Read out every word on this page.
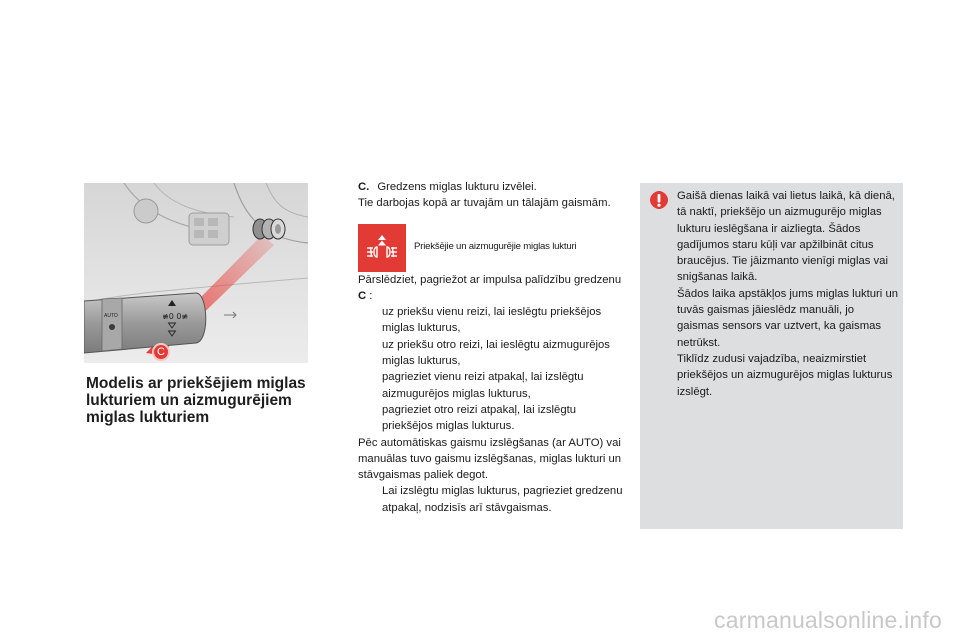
AUTO	≢0 0≢
C
Modelis ar priekšējiem miglas lukturiem un aizmugurējiem miglas lukturiem

C. Gredzens miglas lukturu izvēlei.

Tie darbojas kopā ar tuvajām un tālajām gaismām.

Priekšējie un aizmugurējie miglas lukturi

Pārslēdziet, pagriežot ar impulsa palīdzību gredzenu C :

uz priekšu vienu reizi, lai ieslēgtu priekšējos miglas lukturus,
uz priekšu otro reizi, lai ieslēgtu aizmugurējos miglas lukturus,
pagrieziet vienu reizi atpakaļ, lai izslēgtu aizmugurējos miglas lukturus,
pagrieziet otro reizi atpakaļ, lai izslēgtu priekšējos miglas lukturus.

Pēc automātiskas gaismu izslēgšanas (ar AUTO) vai manuālas tuvo gaismu izslēgšanas, miglas lukturi un stāvgaismas paliek degot.

Lai izslēgtu miglas lukturus, pagrieziet gredzenu atpakaļ, nodzisīs arī stāvgaismas.
Gaišā dienas laikā vai lietus laikā, kā dienā, tā naktī, priekšējo un aizmugurējo miglas lukturu ieslēgšana ir aizliegta. Šādos gadījumos staru kūļi var apžilbināt citus braucējus. Tie jāizmanto vienīgi miglas vai snigšanas laikā.
Šādos laika apstākļos jums miglas lukturi un tuvās gaismas jāieslēdz manuāli, jo gaismas sensors var uztvert, ka gaismas netrūkst.
Tiklīdz zudusi vajadzība, neaizmirstiet priekšējos un aizmugurējos miglas lukturus izslēgt.
carmanualsonline.info
